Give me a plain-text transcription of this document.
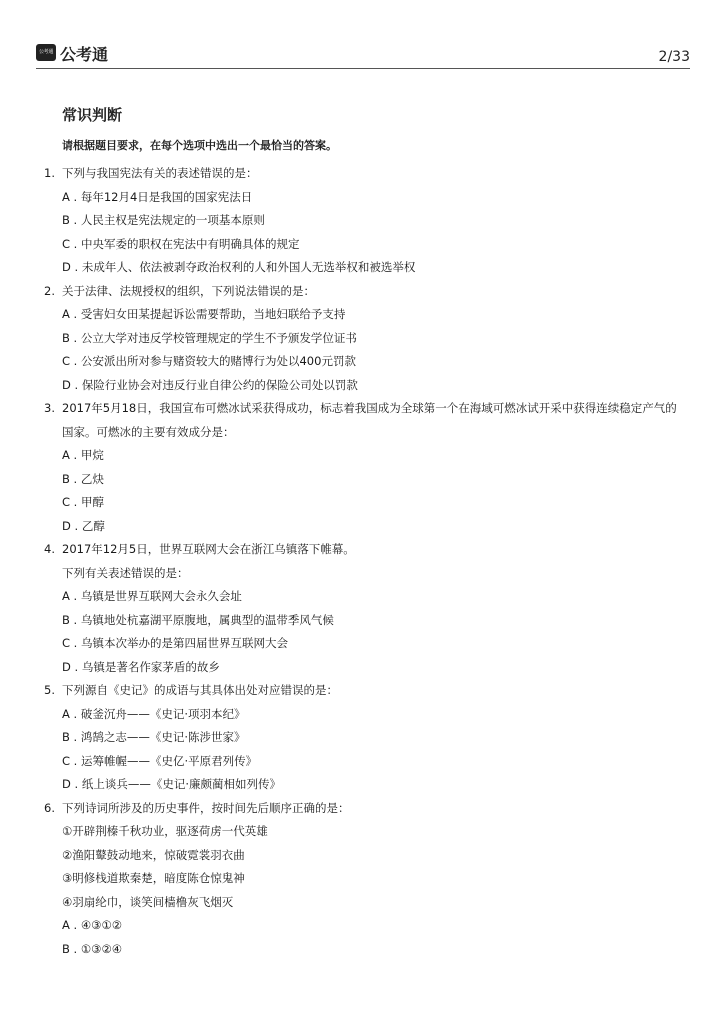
公考通 公考通	2/33
常识判断
请根据题目要求，在每个选项中选出一个最恰当的答案。
1. 下列与我国宪法有关的表述错误的是：
A . 每年12月4日是我国的国家宪法日
B . 人民主权是宪法规定的一项基本原则
C . 中央军委的职权在宪法中有明确具体的规定
D . 未成年人、依法被剥夺政治权利的人和外国人无选举权和被选举权
2. 关于法律、法规授权的组织，下列说法错误的是：
A . 受害妇女田某提起诉讼需要帮助，当地妇联给予支持
B . 公立大学对违反学校管理规定的学生不予颁发学位证书
C . 公安派出所对参与赌资较大的赌博行为处以400元罚款
D . 保险行业协会对违反行业自律公约的保险公司处以罚款
3. 2017年5月18日，我国宣布可燃冰试采获得成功，标志着我国成为全球第一个在海域可燃冰试开采中获得连续稳定产气的
国家。可燃冰的主要有效成分是：
A . 甲烷
B . 乙炔
C . 甲醇
D . 乙醇
4. 2017年12月5日，世界互联网大会在浙江乌镇落下帷幕。
下列有关表述错误的是：
A . 乌镇是世界互联网大会永久会址
B . 乌镇地处杭嘉湖平原腹地，属典型的温带季风气候
C . 乌镇本次举办的是第四届世界互联网大会
D . 乌镇是著名作家茅盾的故乡
5. 下列源自《史记》的成语与其具体出处对应错误的是：
A . 破釜沉舟——《史记·项羽本纪》
B . 鸿鹄之志——《史记·陈涉世家》
C . 运筹帷幄——《史亿·平原君列传》
D . 纸上谈兵——《史记·廉颇蔺相如列传》
6. 下列诗词所涉及的历史事件，按时间先后顺序正确的是：
①开辟荆榛千秋功业，驱逐荷虏一代英雄
②渔阳鼙鼓动地来，惊破霓裳羽衣曲
③明修栈道欺秦楚，暗度陈仓惊鬼神
④羽扇纶巾，谈笑间樯橹灰飞烟灭
A . ④③①②
B . ①③②④
